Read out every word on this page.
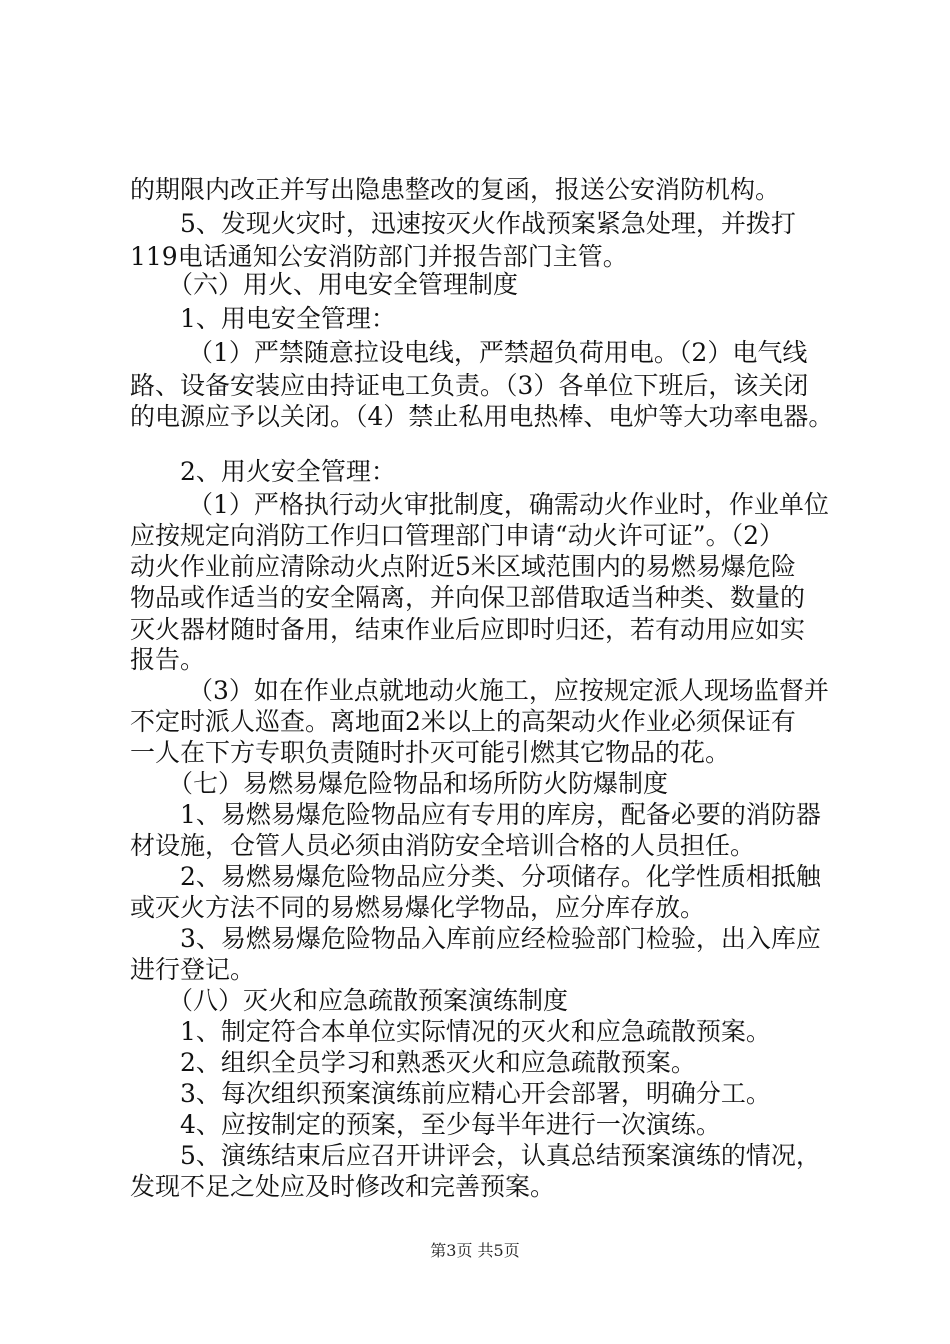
的期限内改正并写出隐患整改的复函，报送公安消防机构。
5、发现火灾时，迅速按灭火作战预案紧急处理，并拨打
119电话通知公安消防部门并报告部门主管。
（六）用火、用电安全管理制度
1、用电安全管理：
（1）严禁随意拉设电线，严禁超负荷用电。（2）电气线
路、设备安装应由持证电工负责。（3）各单位下班后，该关闭
的电源应予以关闭。（4）禁止私用电热棒、电炉等大功率电器。
2、用火安全管理：
（1）严格执行动火审批制度，确需动火作业时，作业单位
应按规定向消防工作归口管理部门申请“动火许可证”。（2）
动火作业前应清除动火点附近5米区域范围内的易燃易爆危险
物品或作适当的安全隔离，并向保卫部借取适当种类、数量的
灭火器材随时备用，结束作业后应即时归还，若有动用应如实
报告。
（3）如在作业点就地动火施工，应按规定派人现场监督并
不定时派人巡查。离地面2米以上的高架动火作业必须保证有
一人在下方专职负责随时扑灭可能引燃其它物品的花。
（七）易燃易爆危险物品和场所防火防爆制度
1、易燃易爆危险物品应有专用的库房，配备必要的消防器
材设施，仓管人员必须由消防安全培训合格的人员担任。
2、易燃易爆危险物品应分类、分项储存。化学性质相抵触
或灭火方法不同的易燃易爆化学物品，应分库存放。
3、易燃易爆危险物品入库前应经检验部门检验，出入库应
进行登记。
（八）灭火和应急疏散预案演练制度
1、制定符合本单位实际情况的灭火和应急疏散预案。
2、组织全员学习和熟悉灭火和应急疏散预案。
3、每次组织预案演练前应精心开会部署，明确分工。
4、应按制定的预案，至少每半年进行一次演练。
5、演练结束后应召开讲评会，认真总结预案演练的情况，
发现不足之处应及时修改和完善预案。
第3页 共5页
